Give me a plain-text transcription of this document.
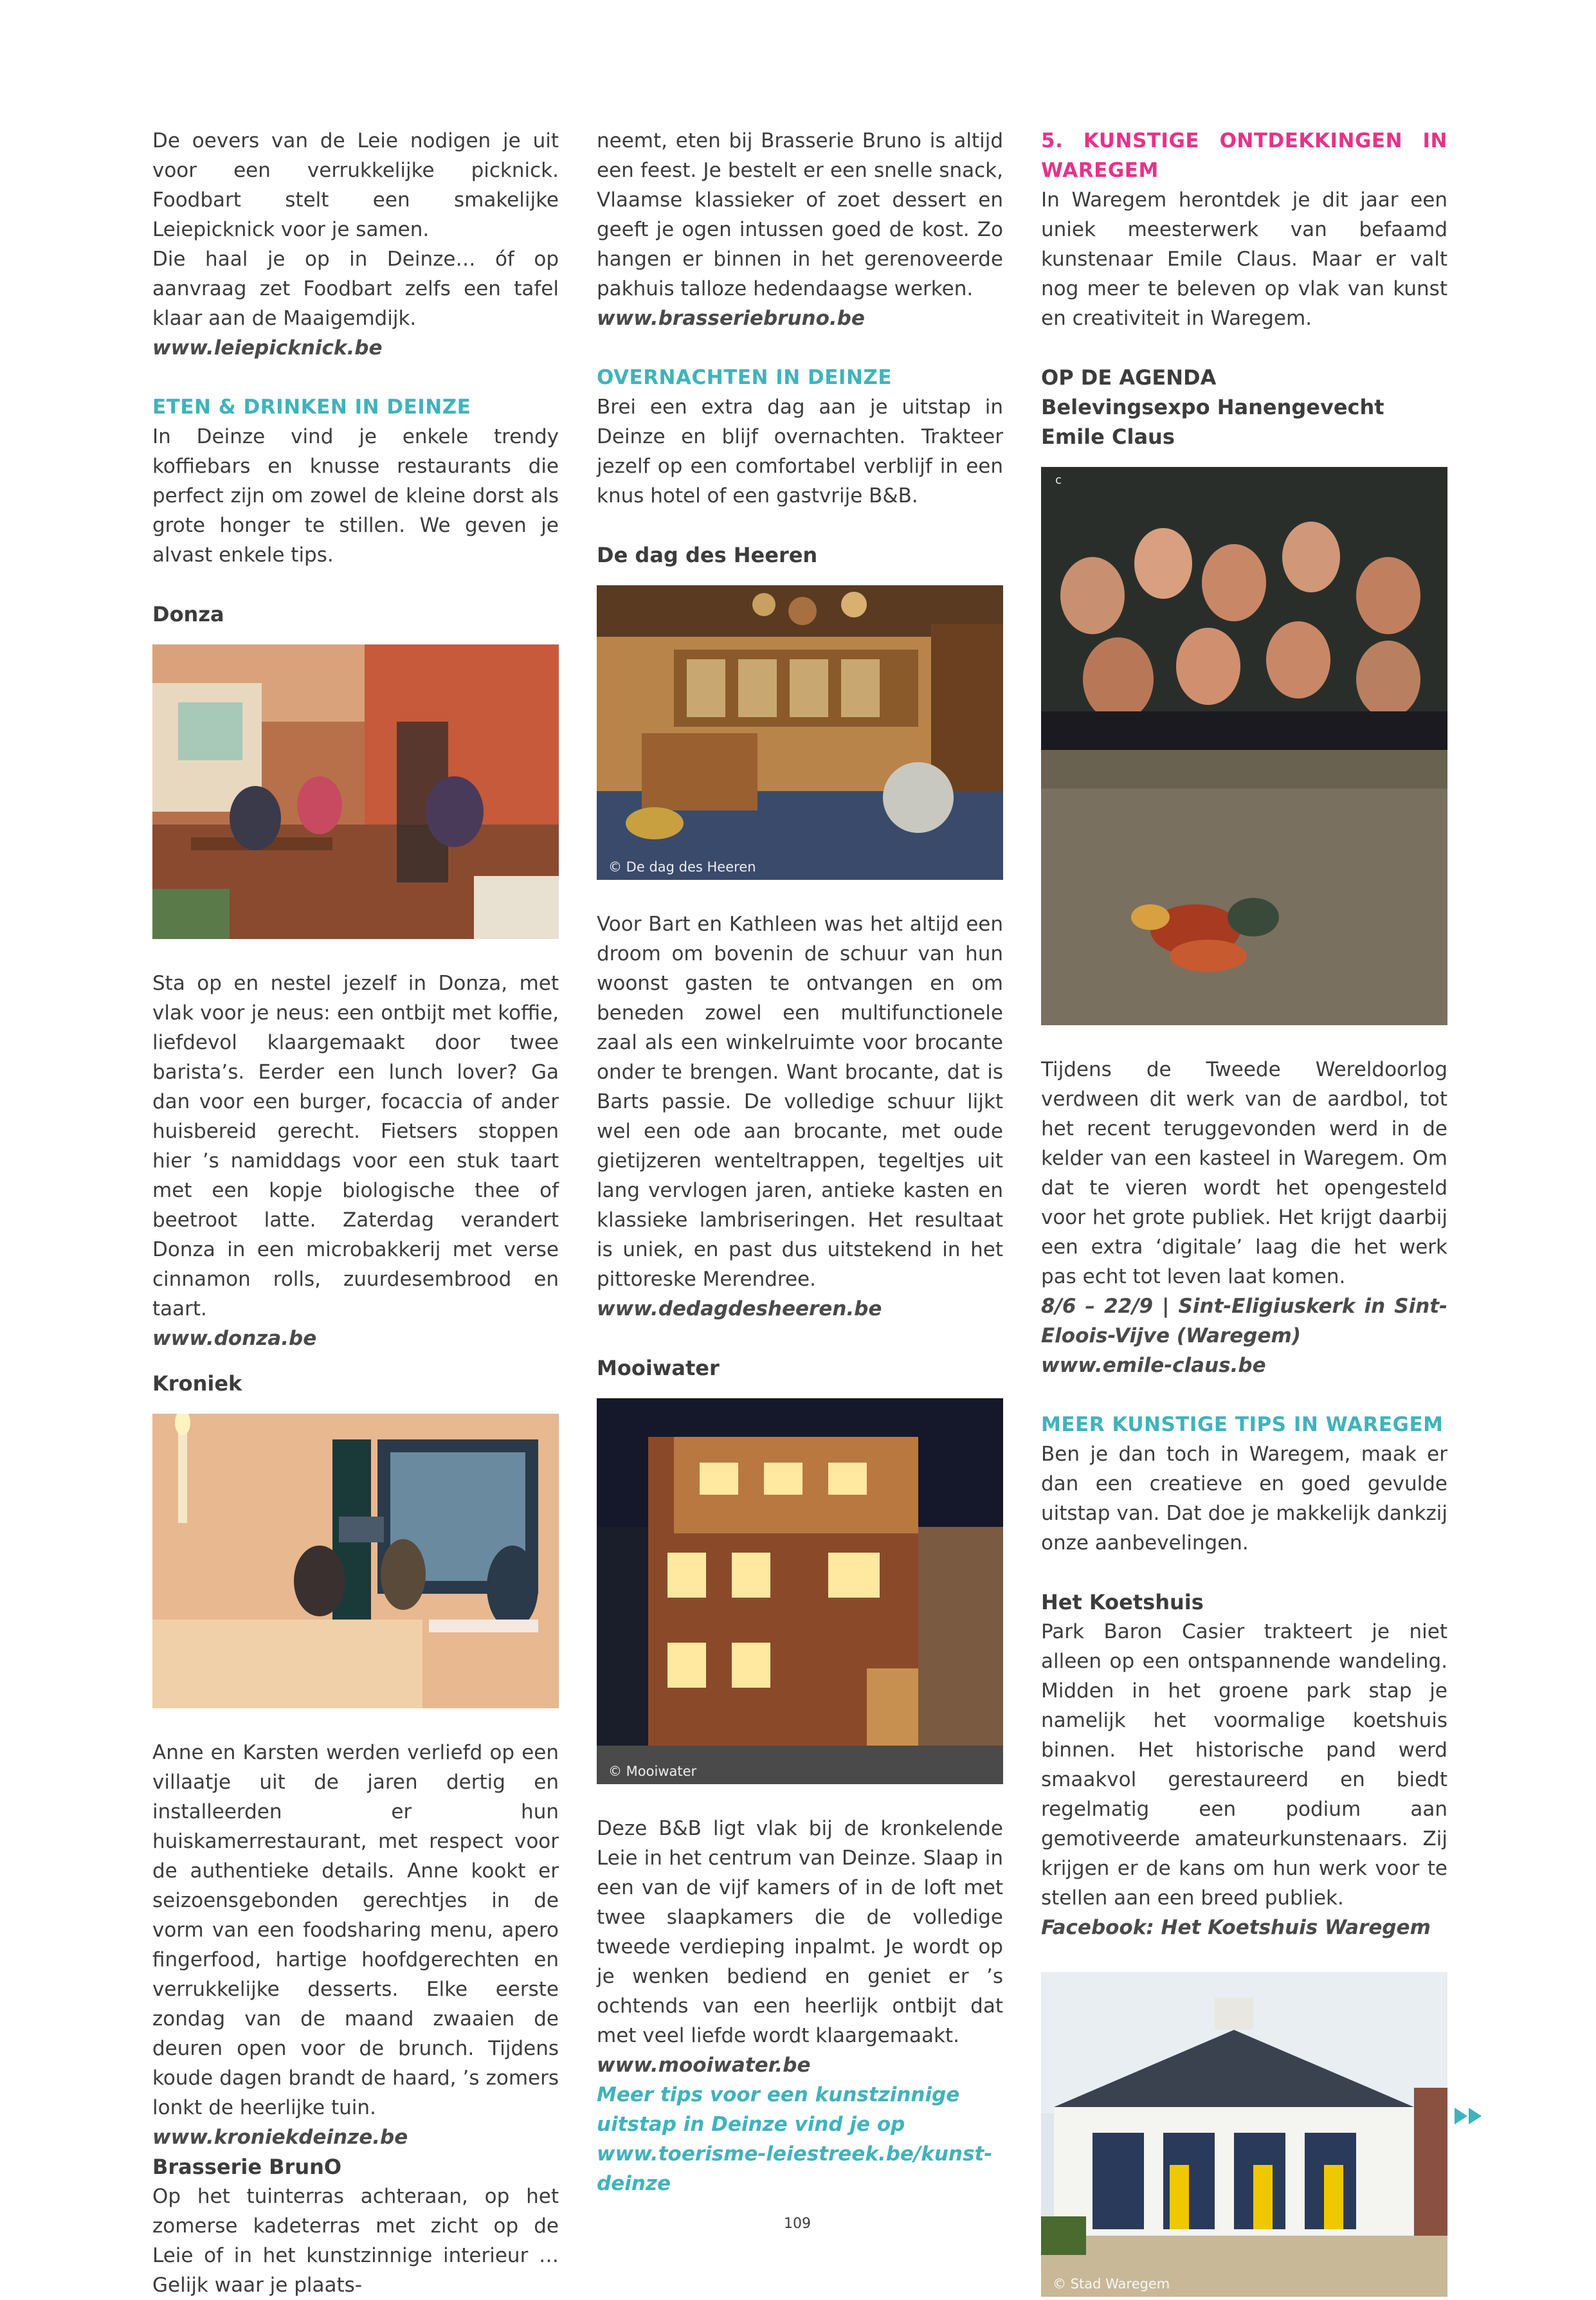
De oevers van de Leie nodigen je uit voor een verrukkelijke picknick. Foodbart stelt een smakelijke Leiepicknick voor je samen.

Die haal je op in Deinze… óf op aanvraag zet Foodbart zelfs een tafel klaar aan de Maaigemdijk.

www.leiepicknick.be
ETEN & DRINKEN IN DEINZE

In Deinze vind je enkele trendy koffiebars en knusse restaurants die perfect zijn om zowel de kleine dorst als grote honger te stillen. We geven je alvast enkele tips.

Donza

Sta op en nestel jezelf in Donza, met vlak voor je neus: een ontbijt met koffie, liefdevol klaargemaakt door twee barista’s. Eerder een lunch lover? Ga dan voor een burger, focaccia of ander huisbereid gerecht. Fietsers stoppen hier ’s namiddags voor een stuk taart met een kopje biologische thee of beetroot latte. Zaterdag verandert Donza in een microbakkerij met verse cinnamon rolls, zuurdesembrood en taart.

www.donza.be
Kroniek

Anne en Karsten werden verliefd op een villaatje uit de jaren dertig en installeerden er hun huiskamerrestaurant, met respect voor de authentieke details. Anne kookt er seizoensgebonden gerechtjes in de vorm van een foodsharing menu, apero fingerfood, hartige hoofdgerechten en verrukkelijke desserts. Elke eerste zondag van de maand zwaaien de deuren open voor de brunch. Tijdens koude dagen brandt de haard, ’s zomers lonkt de heerlijke tuin.

www.kroniekdeinze.be
Brasserie BrunO

Op het tuinterras achteraan, op het zomerse kadeterras met zicht op de Leie of in het kunstzinnige interieur … Gelijk waar je plaats-

neemt, eten bij Brasserie Bruno is altijd een feest. Je bestelt er een snelle snack, Vlaamse klassieker of zoet dessert en geeft je ogen intussen goed de kost. Zo hangen er binnen in het gerenoveerde pakhuis talloze hedendaagse werken.

www.brasseriebruno.be
OVERNACHTEN IN DEINZE

Brei een extra dag aan je uitstap in Deinze en blijf overnachten. Trakteer jezelf op een comfortabel verblijf in een knus hotel of een gastvrije B&B.

De dag des Heeren
© De dag des Heeren

Voor Bart en Kathleen was het altijd een droom om bovenin de schuur van hun woonst gasten te ontvangen en om beneden zowel een multifunctionele zaal als een winkelruimte voor brocante onder te brengen. Want brocante, dat is Barts passie. De volledige schuur lijkt wel een ode aan brocante, met oude gietijzeren wenteltrappen, tegeltjes uit lang vervlogen jaren, antieke kasten en klassieke lambriseringen. Het resultaat is uniek, en past dus uitstekend in het pittoreske Merendree.

www.dedagdesheeren.be
Mooiwater
© Mooiwater

Deze B&B ligt vlak bij de kronkelende Leie in het centrum van Deinze. Slaap in een van de vijf kamers of in de loft met twee slaapkamers die de volledige tweede verdieping inpalmt. Je wordt op je wenken bediend en geniet er ’s ochtends van een heerlijk ontbijt dat met veel liefde wordt klaargemaakt.

www.mooiwater.be
Meer tips voor een kunstzinnige uitstap in Deinze vind je op www.toerisme-leiestreek.be/kunst-deinze
5. KUNSTIGE ONTDEKKINGEN IN
WAREGEM

In Waregem herontdek je dit jaar een uniek meesterwerk van befaamd kunstenaar Emile Claus. Maar er valt nog meer te beleven op vlak van kunst en creativiteit in Waregem.

OP DE AGENDA
Belevingsexpo Hanengevecht Emile Claus
c

Tijdens de Tweede Wereldoorlog verdween dit werk van de aardbol, tot het recent teruggevonden werd in de kelder van een kasteel in Waregem. Om dat te vieren wordt het opengesteld voor het grote publiek. Het krijgt daarbij een extra ‘digitale’ laag die het werk pas echt tot leven laat komen.

8/6 – 22/9 | Sint-Eligiuskerk in Sint-Eloois-Vijve (Waregem)
www.emile-claus.be
MEER KUNSTIGE TIPS IN WAREGEM

Ben je dan toch in Waregem, maak er dan een creatieve en goed gevulde uitstap van. Dat doe je makkelijk dankzij onze aanbevelingen.

Het Koetshuis

Park Baron Casier trakteert je niet alleen op een ontspannende wandeling. Midden in het groene park stap je namelijk het voormalige koetshuis binnen. Het historische pand werd smaakvol gerestaureerd en biedt regelmatig een podium aan gemotiveerde amateurkunstenaars. Zij krijgen er de kans om hun werk voor te stellen aan een breed publiek.

Facebook: Het Koetshuis Waregem
© Stad Waregem
109
